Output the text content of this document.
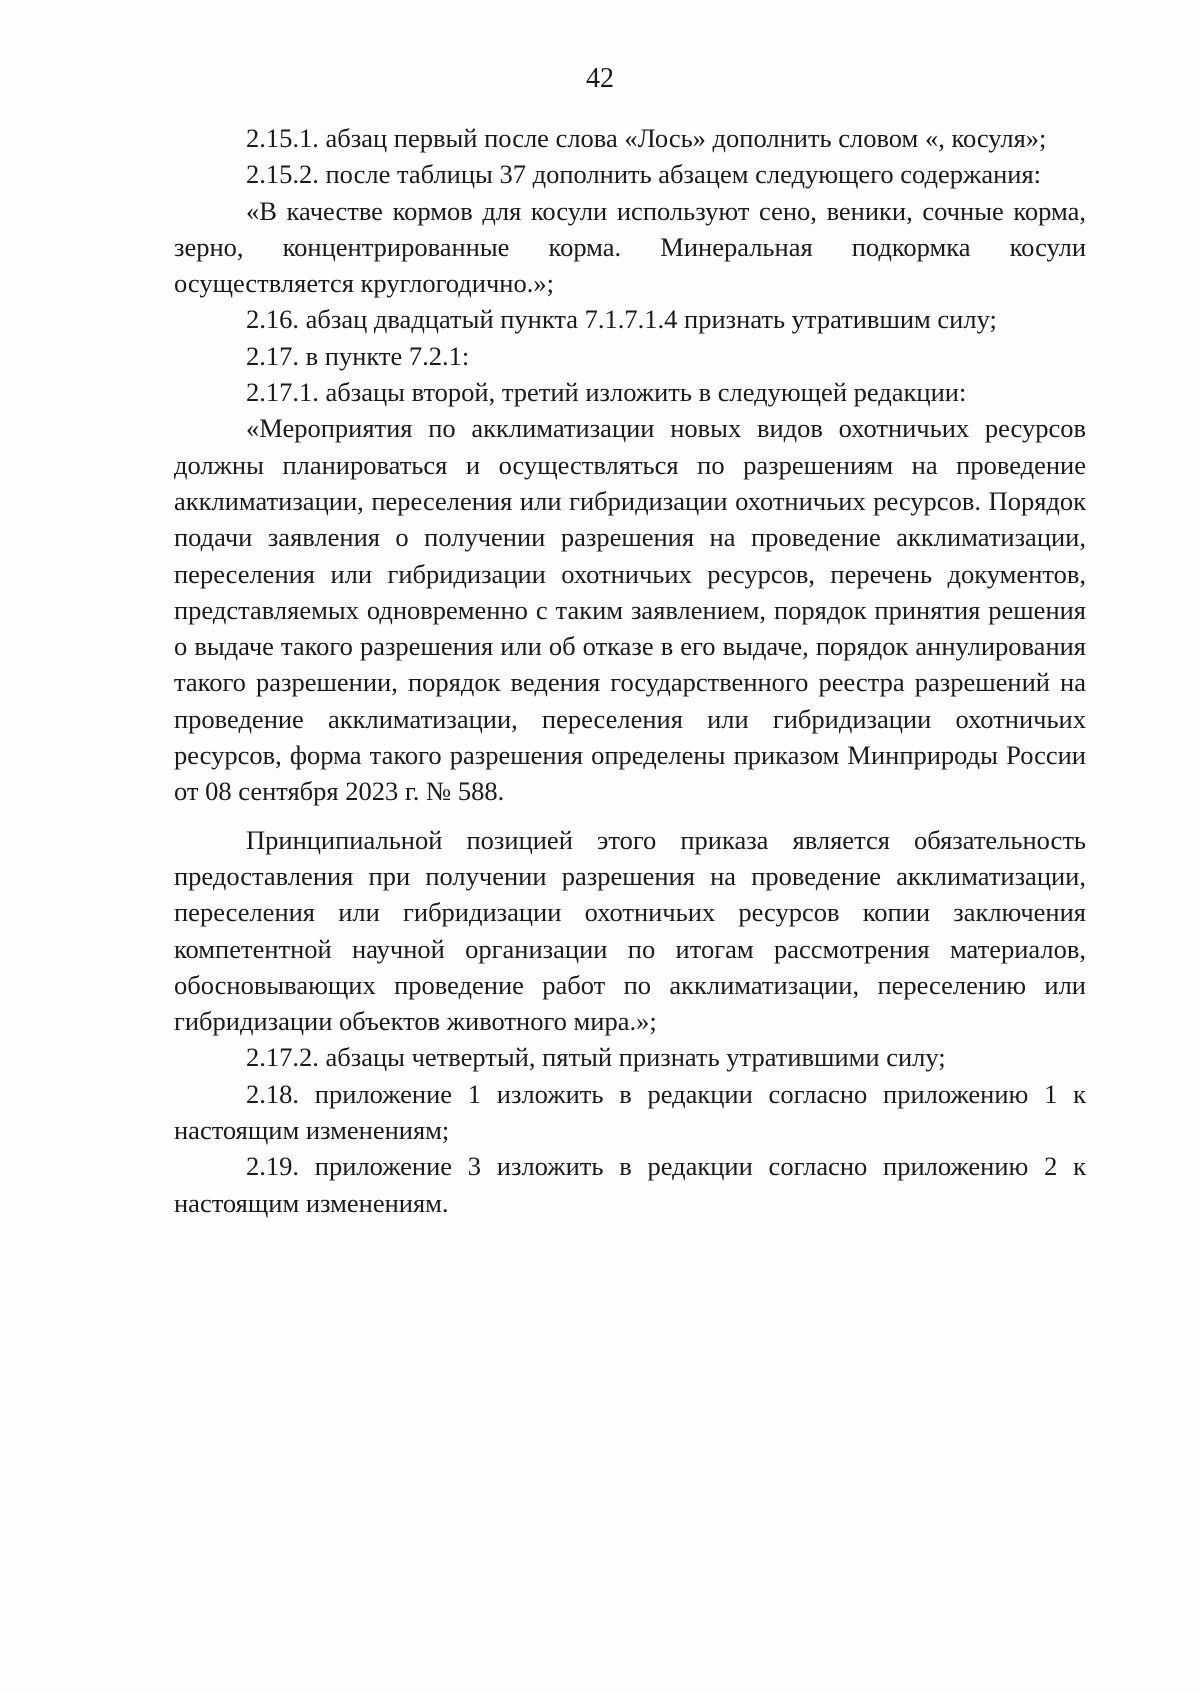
42

2.15.1. абзац первый после слова «Лось» дополнить словом «, косуля»;

2.15.2. после таблицы 37 дополнить абзацем следующего содержания:

«В качестве кормов для косули используют сено, веники, сочные корма, зерно, концентрированные корма. Минеральная подкормка косули осуществляется круглогодично.»;

2.16. абзац двадцатый пункта 7.1.7.1.4 признать утратившим силу;

2.17. в пункте 7.2.1:

2.17.1. абзацы второй, третий изложить в следующей редакции:

«Мероприятия по акклиматизации новых видов охотничьих ресурсов должны планироваться и осуществляться по разрешениям на проведение акклиматизации, переселения или гибридизации охотничьих ресурсов. Порядок подачи заявления о получении разрешения на проведение акклиматизации, переселения или гибридизации охотничьих ресурсов, перечень документов, представляемых одновременно с таким заявлением, порядок принятия решения о выдаче такого разрешения или об отказе в его выдаче, порядок аннулирования такого разрешении, порядок ведения государственного реестра разрешений на проведение акклиматизации, переселения или гибридизации охотничьих ресурсов, форма такого разрешения определены приказом Минприроды России от 08 сентября 2023 г. № 588.

Принципиальной позицией этого приказа является обязательность предоставления при получении разрешения на проведение акклиматизации, переселения или гибридизации охотничьих ресурсов копии заключения компетентной научной организации по итогам рассмотрения материалов, обосновывающих проведение работ по акклиматизации, переселению или гибридизации объектов животного мира.»;

2.17.2. абзацы четвертый, пятый признать утратившими силу;

2.18. приложение 1 изложить в редакции согласно приложению 1 к настоящим изменениям;

2.19. приложение 3 изложить в редакции согласно приложению 2 к настоящим изменениям.
